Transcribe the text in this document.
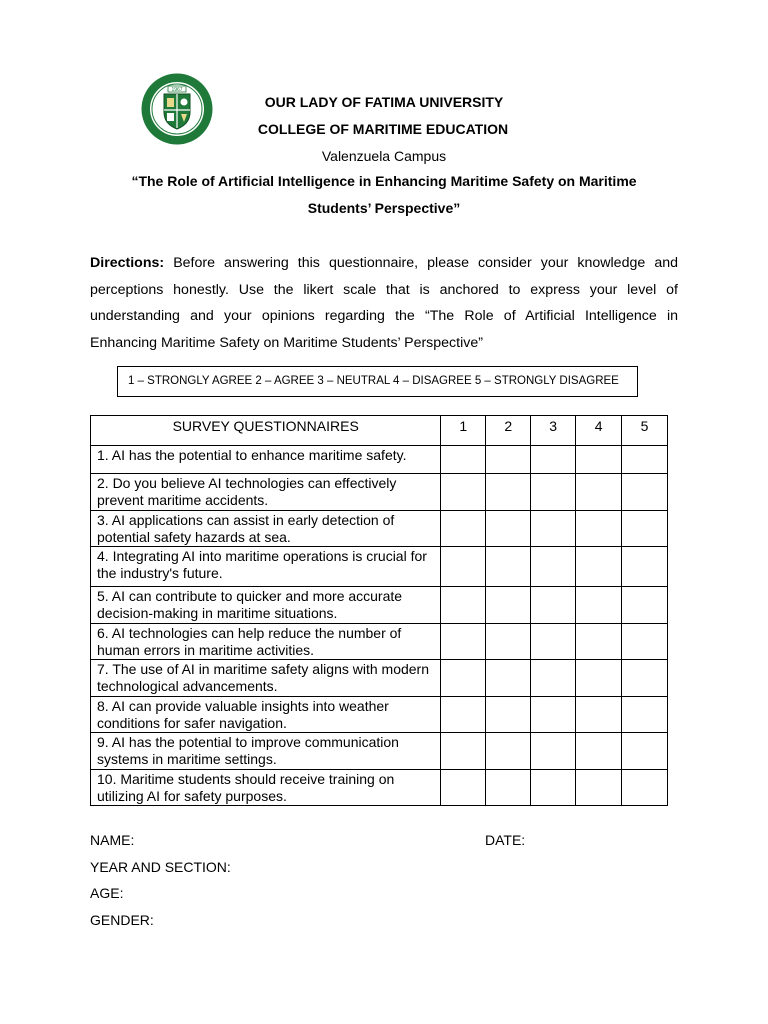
1967
OUR LADY OF FATIMA UNIVERSITY
COLLEGE OF MARITIME EDUCATION
Valenzuela Campus
“The Role of Artificial Intelligence in Enhancing Maritime Safety on Maritime
Students’ Perspective”
Directions: Before answering this questionnaire, please consider your knowledge and perceptions honestly. Use the likert scale that is anchored to express your level of understanding and your opinions regarding the “The Role of Artificial Intelligence in Enhancing Maritime Safety on Maritime Students’ Perspective”
1 – STRONGLY AGREE 2 – AGREE 3 – NEUTRAL 4 – DISAGREE 5 – STRONGLY DISAGREE
SURVEY QUESTIONNAIRES	1	2	3	4	5
1. AI has the potential to enhance maritime safety.					
2. Do you believe AI technologies can effectively prevent maritime accidents.					
3. AI applications can assist in early detection of potential safety hazards at sea.					
4. Integrating AI into maritime operations is crucial for the industry's future.					
5. AI can contribute to quicker and more accurate decision-making in maritime situations.					
6. AI technologies can help reduce the number of human errors in maritime activities.					
7. The use of AI in maritime safety aligns with modern technological advancements.					
8. AI can provide valuable insights into weather conditions for safer navigation.					
9. AI has the potential to improve communication systems in maritime settings.					
10. Maritime students should receive training on utilizing AI for safety purposes.					
NAME:	DATE:
YEAR AND SECTION:
AGE:
GENDER:
